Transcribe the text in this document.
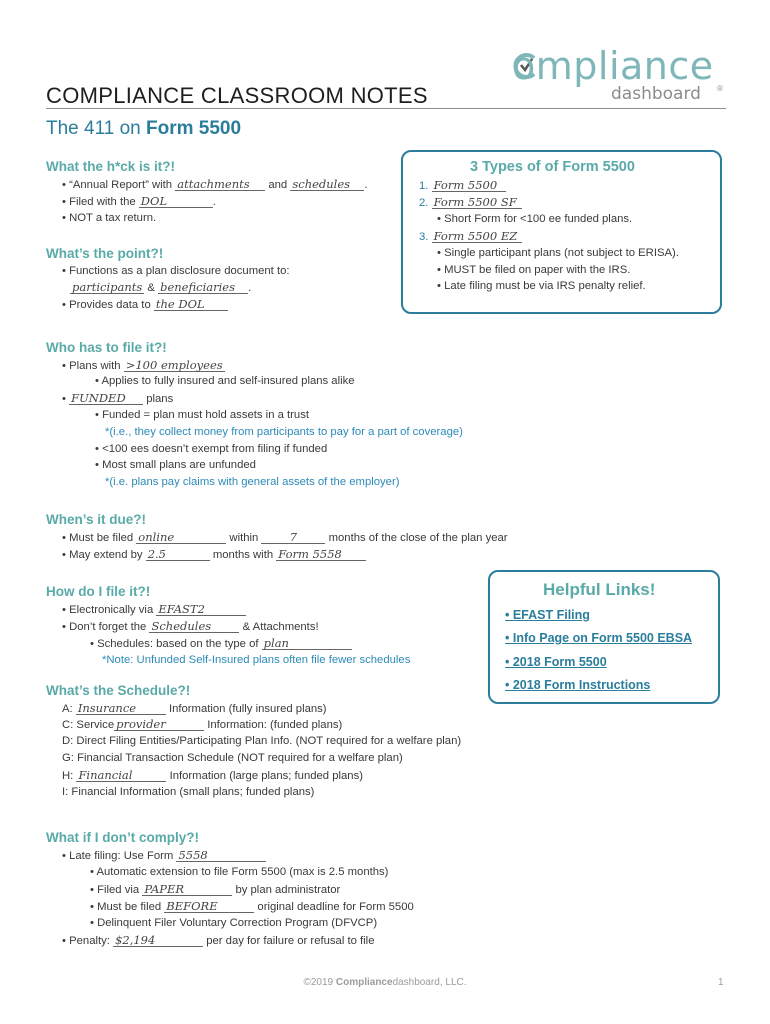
ompliance
dashboard ®
COMPLIANCE CLASSROOM NOTES
The 411 on Form 5500
What the h*ck is it?!
• “Annual Report” with attachments and schedules .
• Filed with the DOL	.
• NOT a tax return.
What’s the point?!
• Functions as a plan disclosure document to:
participants & beneficiaries .
• Provides data to the DOL
3 Types of of Form 5500
1. Form 5500
2. Form 5500 SF
• Short Form for <100 ee funded plans.
3. Form 5500 EZ
• Single participant plans (not subject to ERISA).
• MUST be filed on paper with the IRS.
• Late filing must be via IRS penalty relief.
Who has to file it?!
• Plans with >100 employees
• Applies to fully insured and self-insured plans alike
• FUNDED plans
• Funded = plan must hold assets in a trust
*(i.e., they collect money from participants to pay for a part of coverage)
• <100 ees doesn’t exempt from filing if funded
• Most small plans are unfunded
*(i.e. plans pay claims with general assets of the employer)
When’s it due?!
• Must be filed online	within 7	months of the close of the plan year
• May extend by 2.5	months with Form 5558
How do I file it?!
• Electronically via EFAST2
• Don’t forget the Schedules	& Attachments!
• Schedules: based on the type of plan
*Note: Unfunded Self-Insured plans often file fewer schedules
Helpful Links!
• EFAST Filing
• Info Page on Form 5500 EBSA
• 2018 Form 5500
• 2018 Form Instructions
What’s the Schedule?!
A: Insurance	Information (fully insured plans)
C: Service provider	Information: (funded plans)
D: Direct Filing Entities/Participating Plan Info. (NOT required for a welfare plan)
G: Financial Transaction Schedule (NOT required for a welfare plan)
H: Financial	Information (large plans; funded plans)
I: Financial Information (small plans; funded plans)
What if I don’t comply?!
• Late filing: Use Form 5558
• Automatic extension to file Form 5500 (max is 2.5 months)
• Filed via PAPER	by plan administrator
• Must be filed BEFORE	original deadline for Form 5500
• Delinquent Filer Voluntary Correction Program (DFVCP)
• Penalty: $2,194	per day for failure or refusal to file
©2019 Compliancedashboard, LLC.	1
